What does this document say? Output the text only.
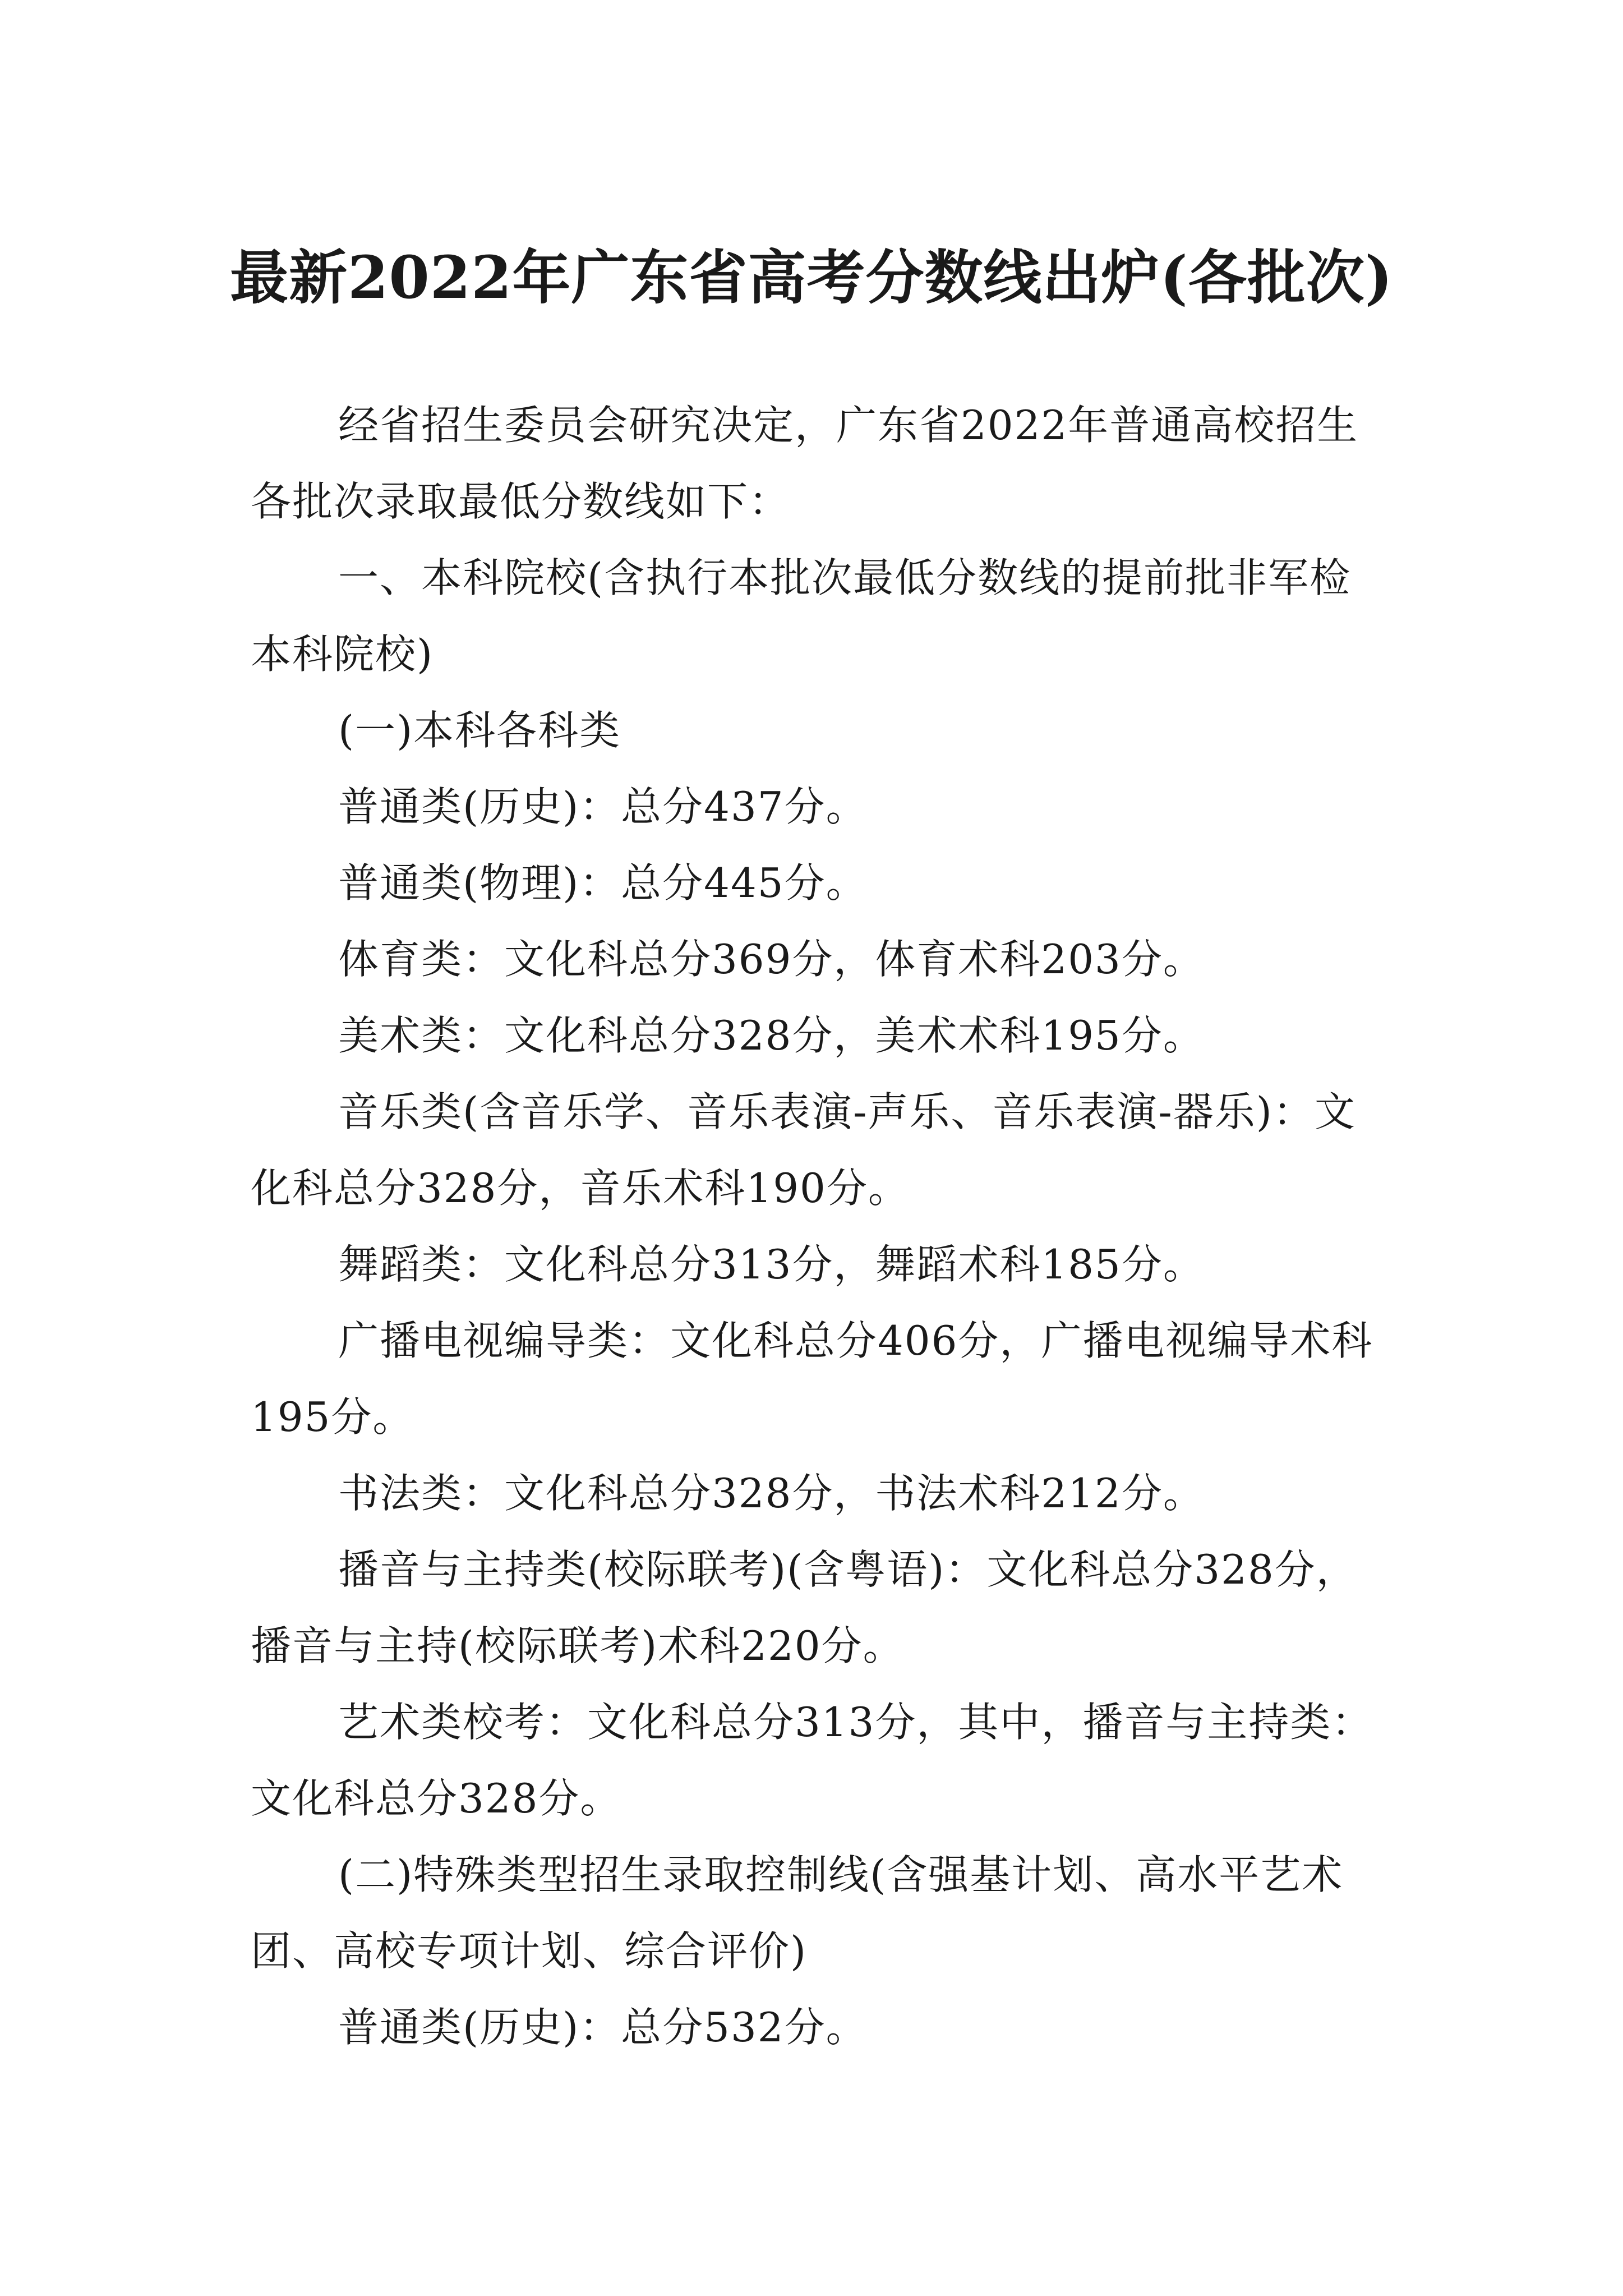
最新2022年广东省高考分数线出炉(各批次)

经省招生委员会研究决定，广东省2022年普通高校招生各批次录取最低分数线如下：

一、本科院校(含执行本批次最低分数线的提前批非军检本科院校)

(一)本科各科类

普通类(历史)：总分437分。

普通类(物理)：总分445分。

体育类：文化科总分369分，体育术科203分。

美术类：文化科总分328分，美术术科195分。

音乐类(含音乐学、音乐表演-声乐、音乐表演-器乐)：文化科总分328分，音乐术科190分。

舞蹈类：文化科总分313分，舞蹈术科185分。

广播电视编导类：文化科总分406分，广播电视编导术科195分。

书法类：文化科总分328分，书法术科212分。

播音与主持类(校际联考)(含粤语)：文化科总分328分，播音与主持(校际联考)术科220分。

艺术类校考：文化科总分313分，其中，播音与主持类：文化科总分328分。

(二)特殊类型招生录取控制线(含强基计划、高水平艺术团、高校专项计划、综合评价)

普通类(历史)：总分532分。
